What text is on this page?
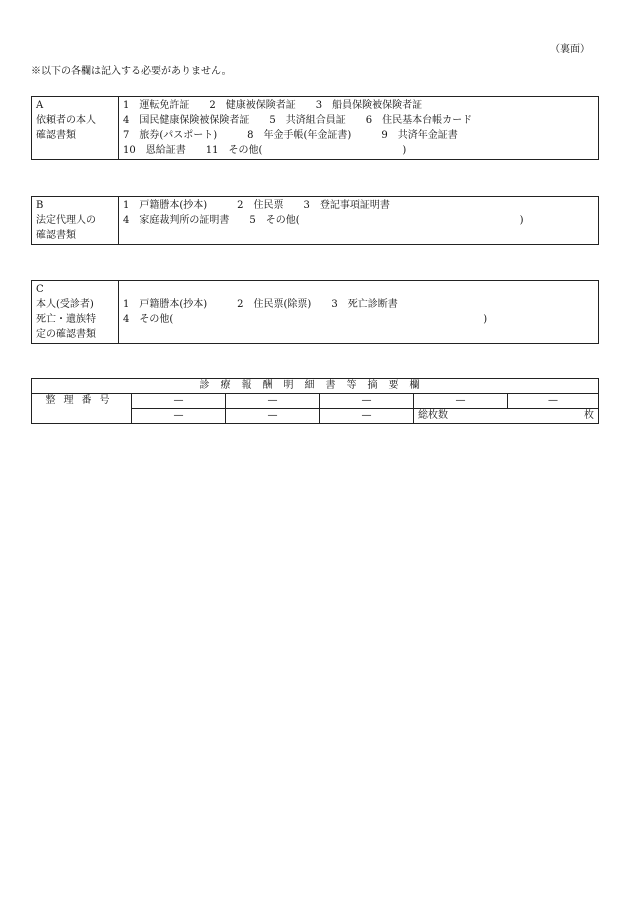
（裏面）
※以下の各欄は記入する必要がありません。
A
依頼者の本人
確認書類

1　運転免許証　　2　健康被保険者証　　3　船員保険被保険者証
4　国民健康保険被保険者証　　5　共済組合員証　　6　住民基本台帳カード
7　旅券(パスポート)　　　8　年金手帳(年金証書)　　　9　共済年金証書
10　恩給証書　　11　その他(　　　　　　　　　　　　　　)
B
法定代理人の
確認書類

1　戸籍謄本(抄本)　　　2　住民票　　3　登記事項証明書
4　家庭裁判所の証明書　　5　その他(　　　　　　　　　　　　　　　　　　　　　　)
C
本人(受診者)
死亡・遺族特
定の確認書類

1　戸籍謄本(抄本)　　　2　住民票(除票)　　3　死亡診断書
4　その他(　　　　　　　　　　　　　　　　　　　　　　　　　　　　　　　)
診療報酬明細書等摘要欄					
整理番号	—	—	—	—	—
	—	—	—	総枚数 枚	
